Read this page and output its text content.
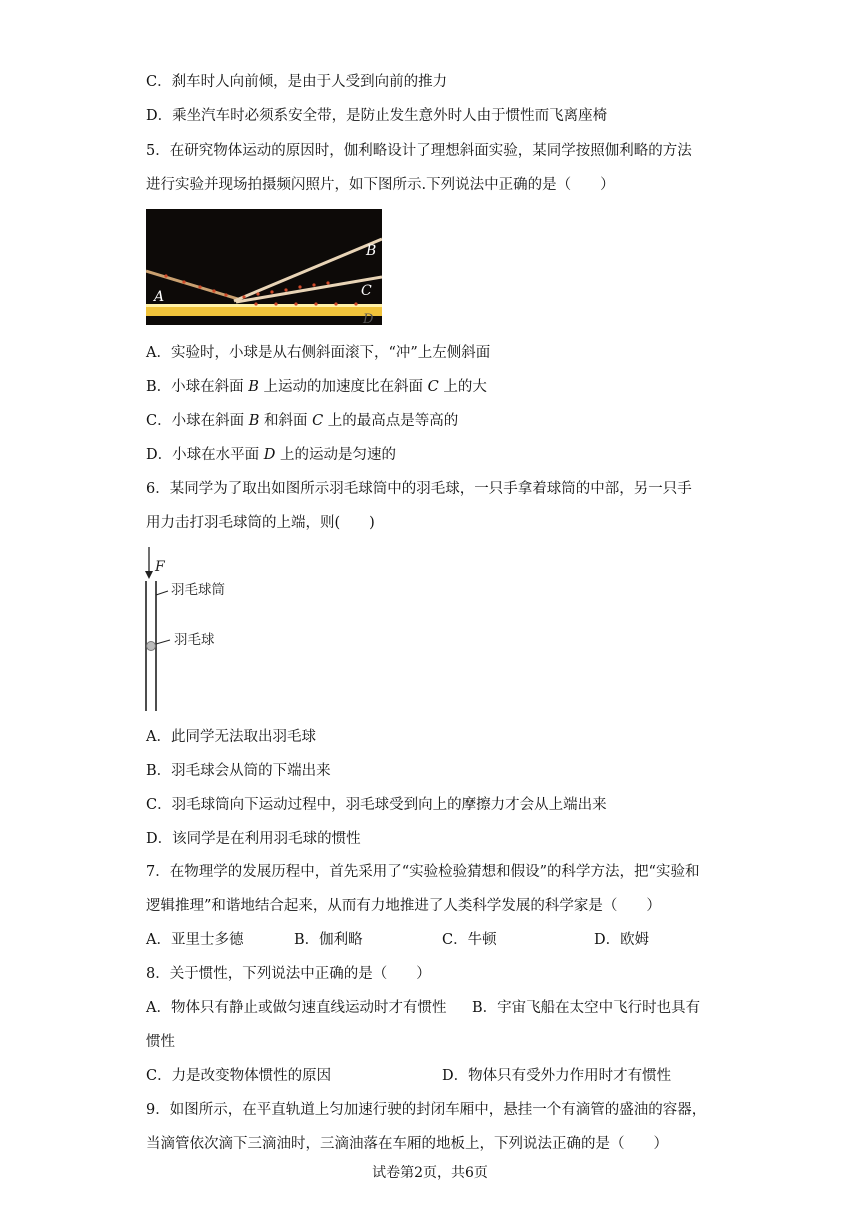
C．刹车时人向前倾，是由于人受到向前的推力
D．乘坐汽车时必须系安全带，是防止发生意外时人由于惯性而飞离座椅
5．在研究物体运动的原因时，伽利略设计了理想斜面实验，某同学按照伽利略的方法
进行实验并现场拍摄频闪照片，如下图所示.下列说法中正确的是（　　）
B
C
A
D
A．实验时，小球是从右侧斜面滚下，“冲”上左侧斜面
B．小球在斜面 B 上运动的加速度比在斜面 C 上的大
C．小球在斜面 B 和斜面 C 上的最高点是等高的
D．小球在水平面 D 上的运动是匀速的
6．某同学为了取出如图所示羽毛球筒中的羽毛球，一只手拿着球筒的中部，另一只手
用力击打羽毛球筒的上端，则(　　)
F
羽毛球筒
羽毛球
A．此同学无法取出羽毛球
B．羽毛球会从筒的下端出来
C．羽毛球筒向下运动过程中，羽毛球受到向上的摩擦力才会从上端出来
D．该同学是在利用羽毛球的惯性
7．在物理学的发展历程中，首先采用了“实验检验猜想和假设”的科学方法，把“实验和
逻辑推理”和谐地结合起来，从而有力地推进了人类科学发展的科学家是（　　）
A．亚里士多德	B．伽利略	C．牛顿	D．欧姆
8．关于惯性，下列说法中正确的是（　　）
A．物体只有静止或做匀速直线运动时才有惯性 B．宇宙飞船在太空中飞行时也具有
惯性
C．力是改变物体惯性的原因	D．物体只有受外力作用时才有惯性
9．如图所示，在平直轨道上匀加速行驶的封闭车厢中，悬挂一个有滴管的盛油的容器，
当滴管依次滴下三滴油时，三滴油落在车厢的地板上，下列说法正确的是（　　）
试卷第2页，共6页
